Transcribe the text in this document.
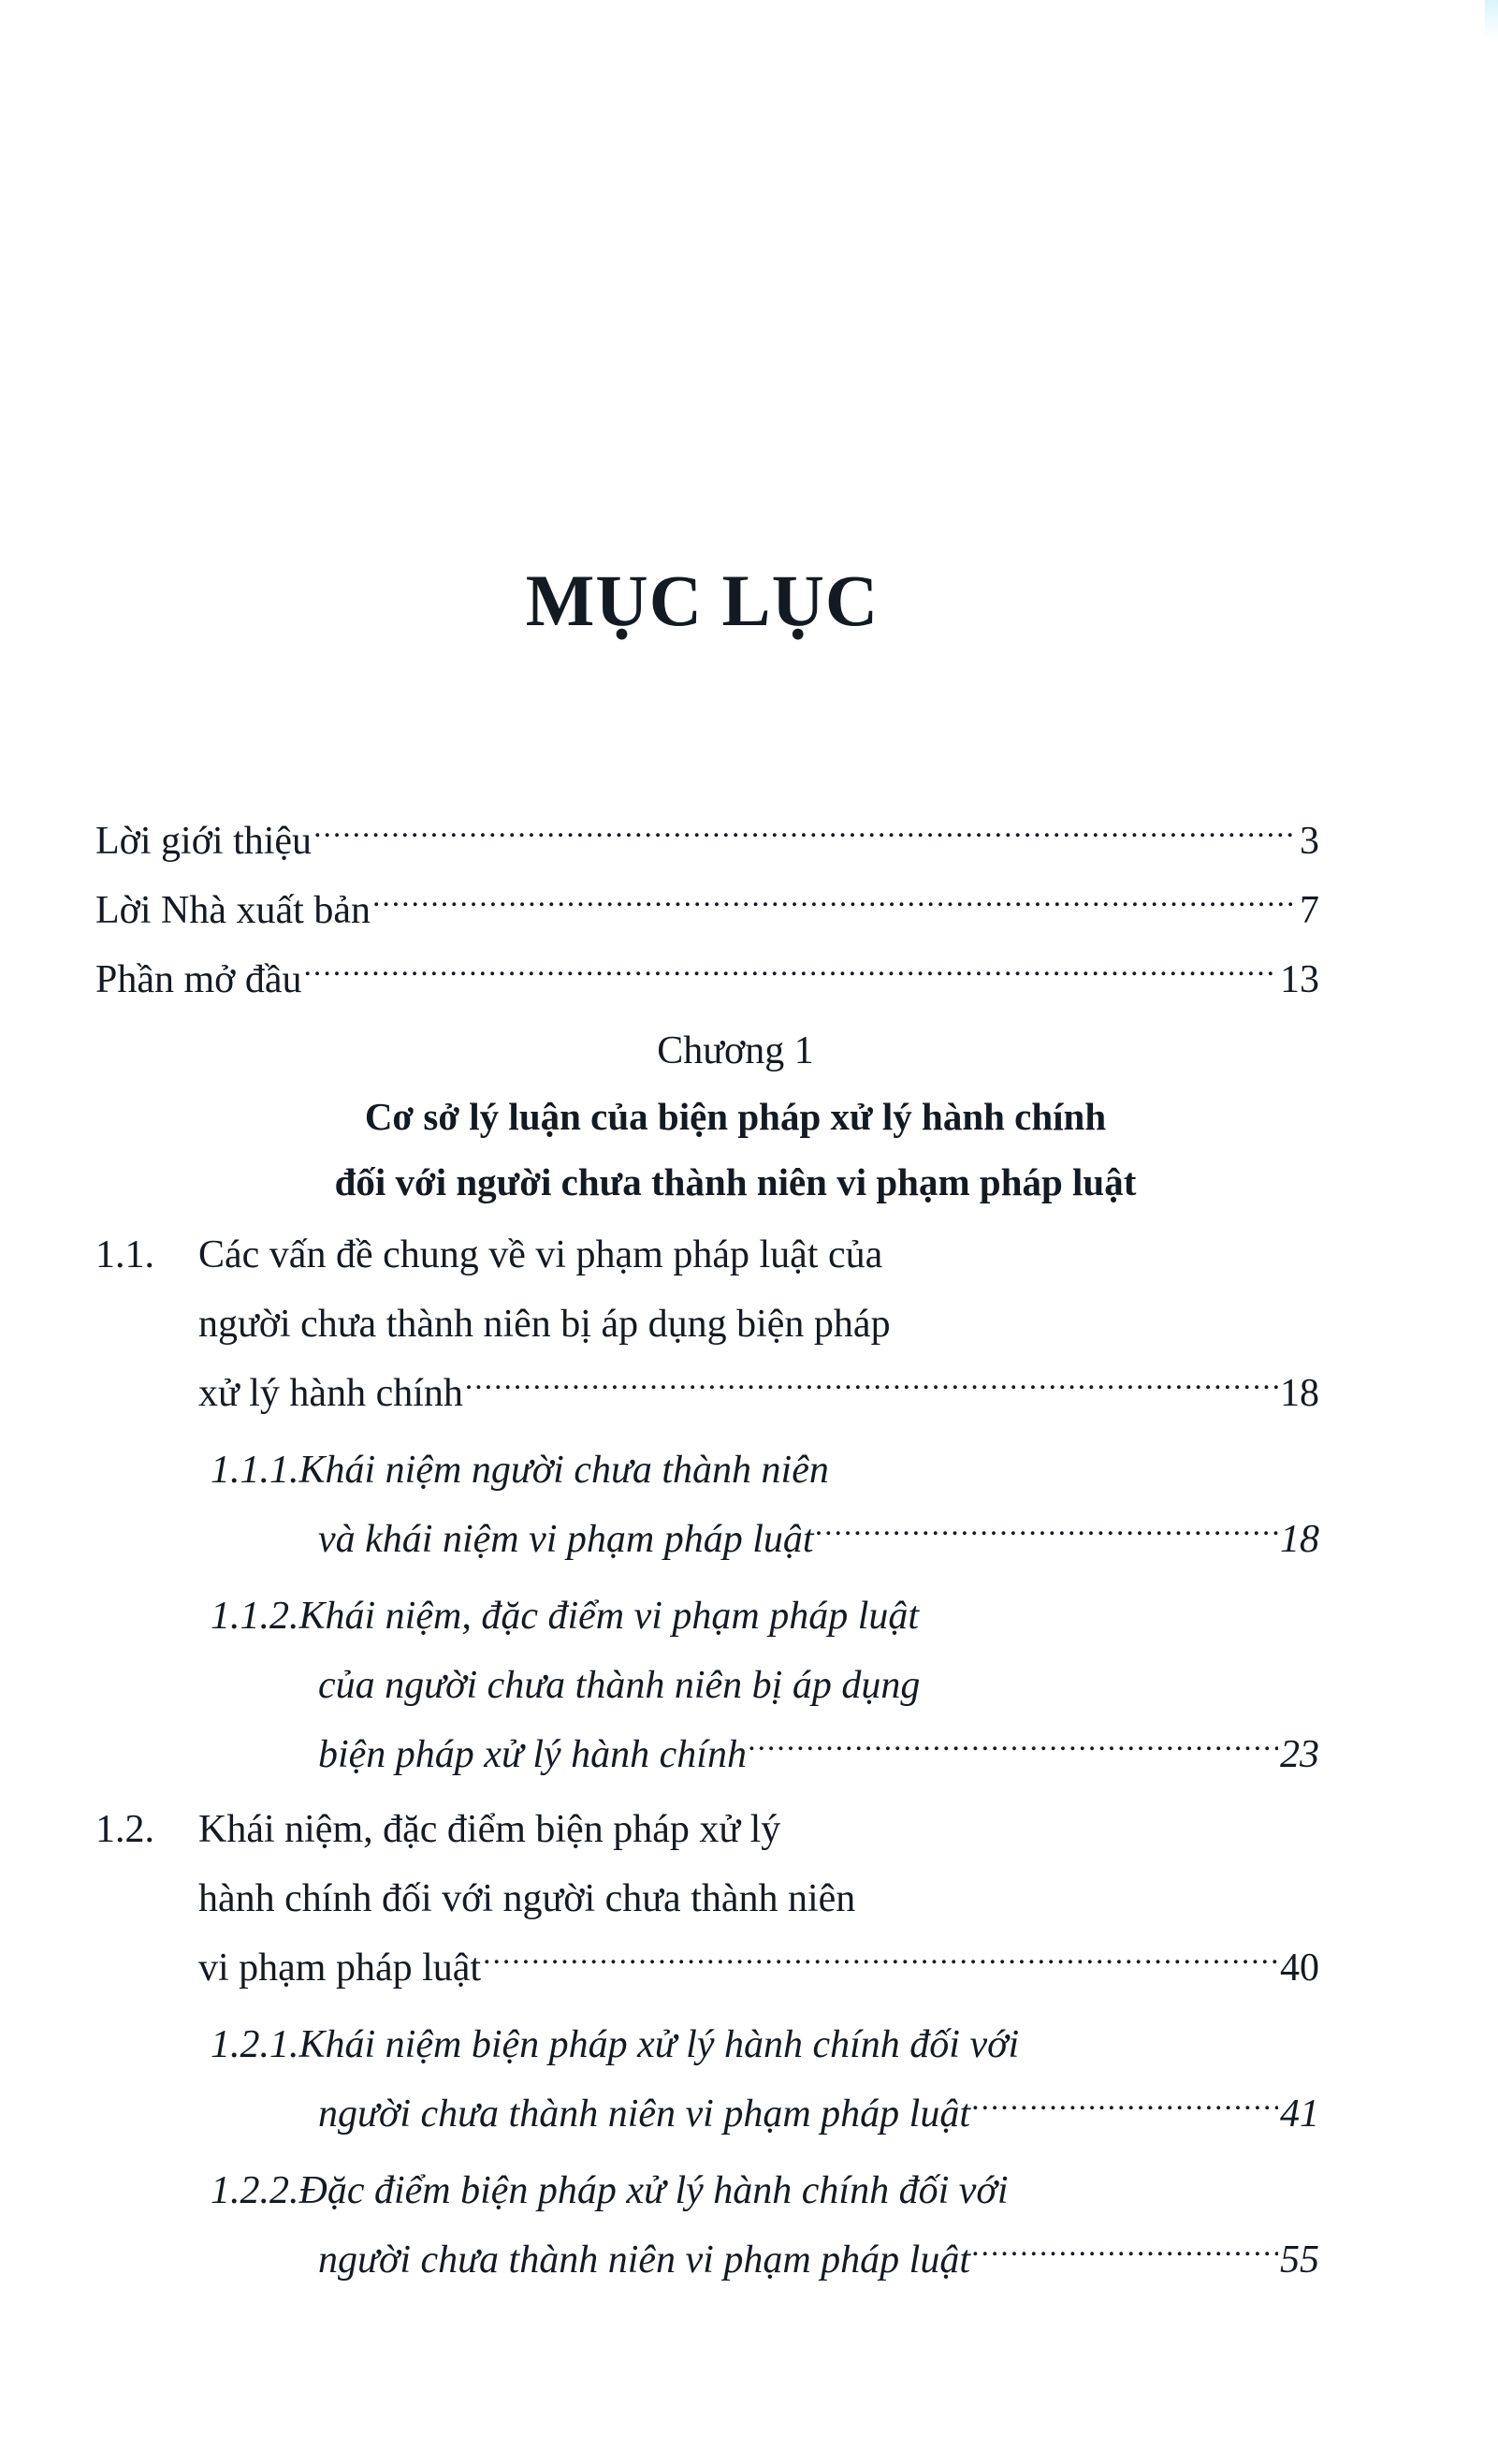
MỤC LỤC
Lời giới thiệu .....	3
Lời Nhà xuất bản .....	7
Phần mở đầu .....	13
Chương 1
Cơ sở lý luận của biện pháp xử lý hành chính
đối với người chưa thành niên vi phạm pháp luật
1.1.	Các vấn đề chung về vi phạm pháp luật của
người chưa thành niên bị áp dụng biện pháp
xử lý hành chính .....	18
1.1.1. Khái niệm người chưa thành niên
và khái niệm vi phạm pháp luật .....	18
1.1.2. Khái niệm, đặc điểm vi phạm pháp luật
của người chưa thành niên bị áp dụng
biện pháp xử lý hành chính .....	23
1.2.	Khái niệm, đặc điểm biện pháp xử lý
hành chính đối với người chưa thành niên
vi phạm pháp luật .....	40
1.2.1. Khái niệm biện pháp xử lý hành chính đối với
người chưa thành niên vi phạm pháp luật .....	41
1.2.2. Đặc điểm biện pháp xử lý hành chính đối với
người chưa thành niên vi phạm pháp luật .....	55
